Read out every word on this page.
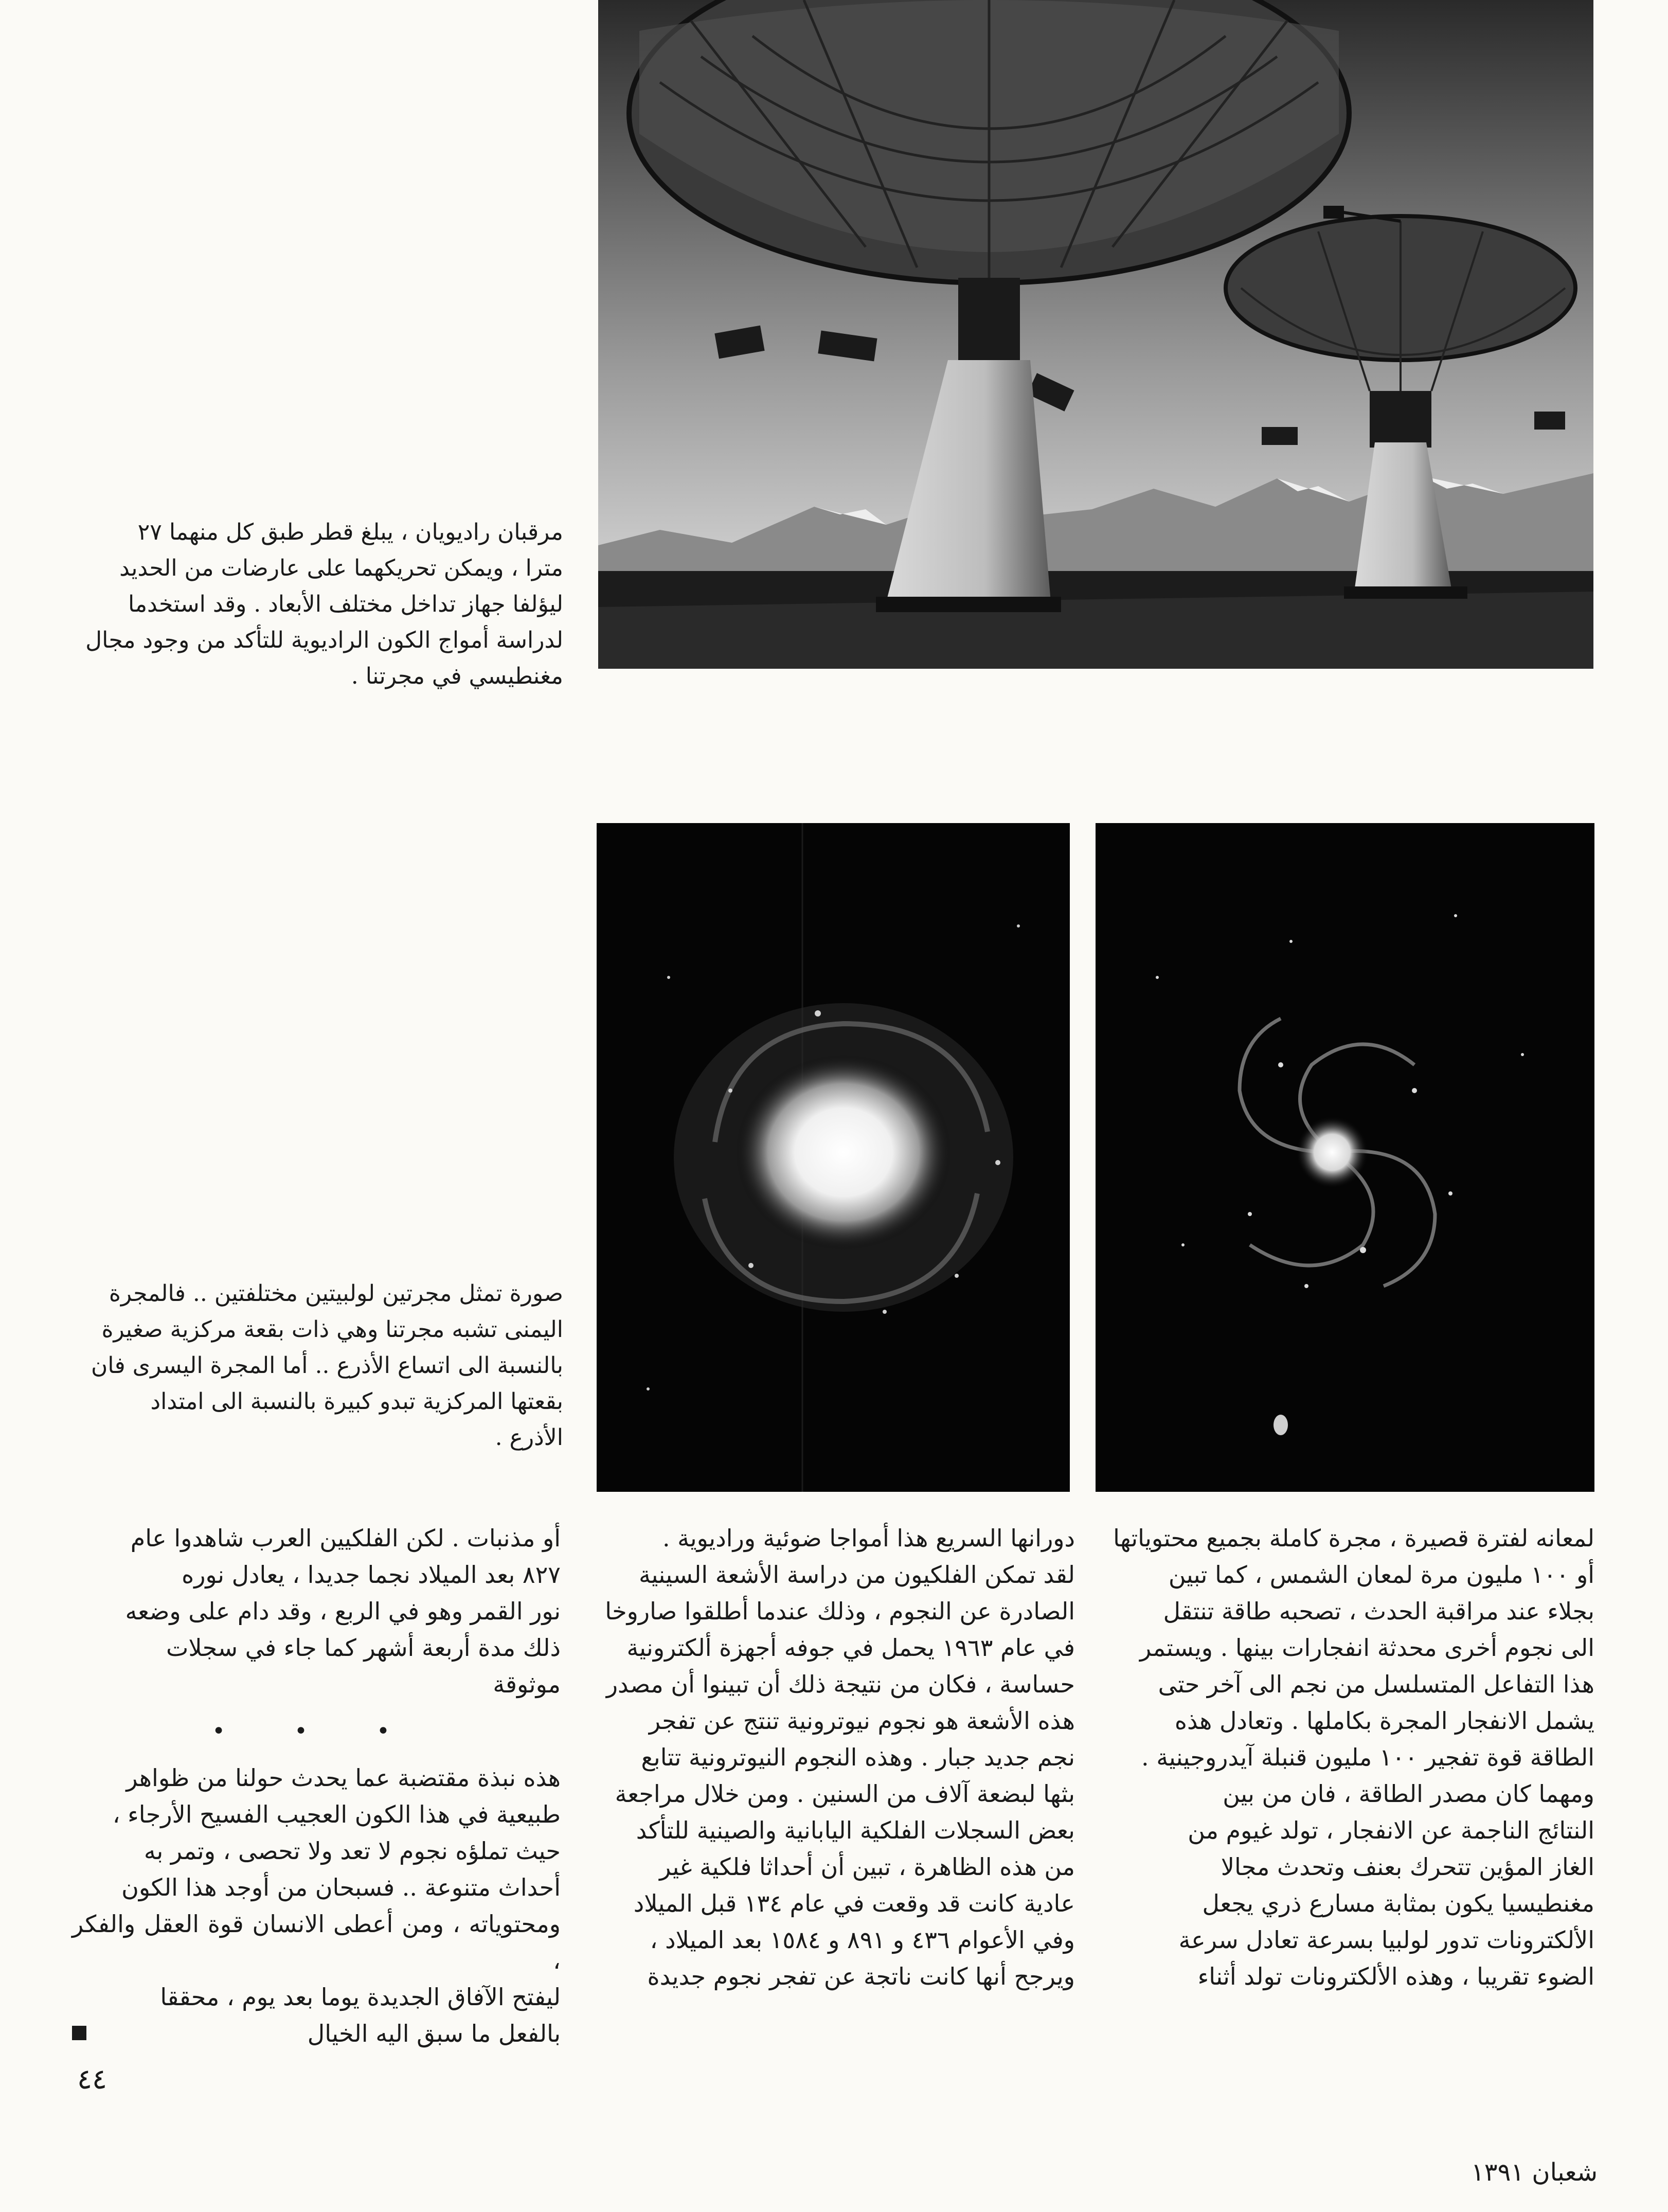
مرقبان راديويان ، يبلغ قطر طبق كل منهما ٢٧

مترا ، ويمكن تحريكهما على عارضات من الحديد

ليؤلفا جهاز تداخل مختلف الأبعاد . وقد استخدما

لدراسة أمواج الكون الراديوية للتأكد من وجود مجال

مغنطيسي في مجرتنا .

صورة تمثل مجرتين لولبيتين مختلفتين .. فالمجرة

اليمنى تشبه مجرتنا وهي ذات بقعة مركزية صغيرة

بالنسبة الى اتساع الأذرع .. أما المجرة اليسرى فان

بقعتها المركزية تبدو كبيرة بالنسبة الى امتداد

الأذرع .

لمعانه لفترة قصيرة ، مجرة كاملة بجميع محتوياتها

أو ١٠٠ مليون مرة لمعان الشمس ، كما تبين

بجلاء عند مراقبة الحدث ، تصحبه طاقة تنتقل

الى نجوم أخرى محدثة انفجارات بينها . ويستمر

هذا التفاعل المتسلسل من نجم الى آخر حتى

يشمل الانفجار المجرة بكاملها . وتعادل هذه

الطاقة قوة تفجير ١٠٠ مليون قنبلة آيدروجينية .

ومهما كان مصدر الطاقة ، فان من بين

النتائج الناجمة عن الانفجار ، تولد غيوم من

الغاز المؤين تتحرك بعنف وتحدث مجالا

مغنطيسيا يكون بمثابة مسارع ذري يجعل

الألكترونات تدور لولبيا بسرعة تعادل سرعة

الضوء تقريبا ، وهذه الألكترونات تولد أثناء

دورانها السريع هذا أمواجا ضوئية وراديوية .

لقد تمكن الفلكيون من دراسة الأشعة السينية

الصادرة عن النجوم ، وذلك عندما أطلقوا صاروخا

في عام ١٩٦٣ يحمل في جوفه أجهزة ألكترونية

حساسة ، فكان من نتيجة ذلك أن تبينوا أن مصدر

هذه الأشعة هو نجوم نيوترونية تنتج عن تفجر

نجم جديد جبار . وهذه النجوم النيوترونية تتابع

بثها لبضعة آلاف من السنين . ومن خلال مراجعة

بعض السجلات الفلكية اليابانية والصينية للتأكد

من هذه الظاهرة ، تبين أن أحداثا فلكية غير

عادية كانت قد وقعت في عام ١٣٤ قبل الميلاد

وفي الأعوام ٤٣٦ و ٨٩١ و ١٥٨٤ بعد الميلاد ،

ويرجح أنها كانت ناتجة عن تفجر نجوم جديدة

أو مذنبات . لكن الفلكيين العرب شاهدوا عام

٨٢٧ بعد الميلاد نجما جديدا ، يعادل نوره

نور القمر وهو في الربع ، وقد دام على وضعه

ذلك مدة أربعة أشهر كما جاء في سجلات

موثوقة

• • •

هذه نبذة مقتضبة عما يحدث حولنا من ظواهر

طبيعية في هذا الكون العجيب الفسيح الأرجاء ،

حيث تملؤه نجوم لا تعد ولا تحصى ، وتمر به

أحداث متنوعة .. فسبحان من أوجد هذا الكون

ومحتوياته ، ومن أعطى الانسان قوة العقل والفكر ،

ليفتح الآفاق الجديدة يوما بعد يوم ، محققا

بالفعل ما سبق اليه الخيال

٤٤
شعبان ١٣٩١
